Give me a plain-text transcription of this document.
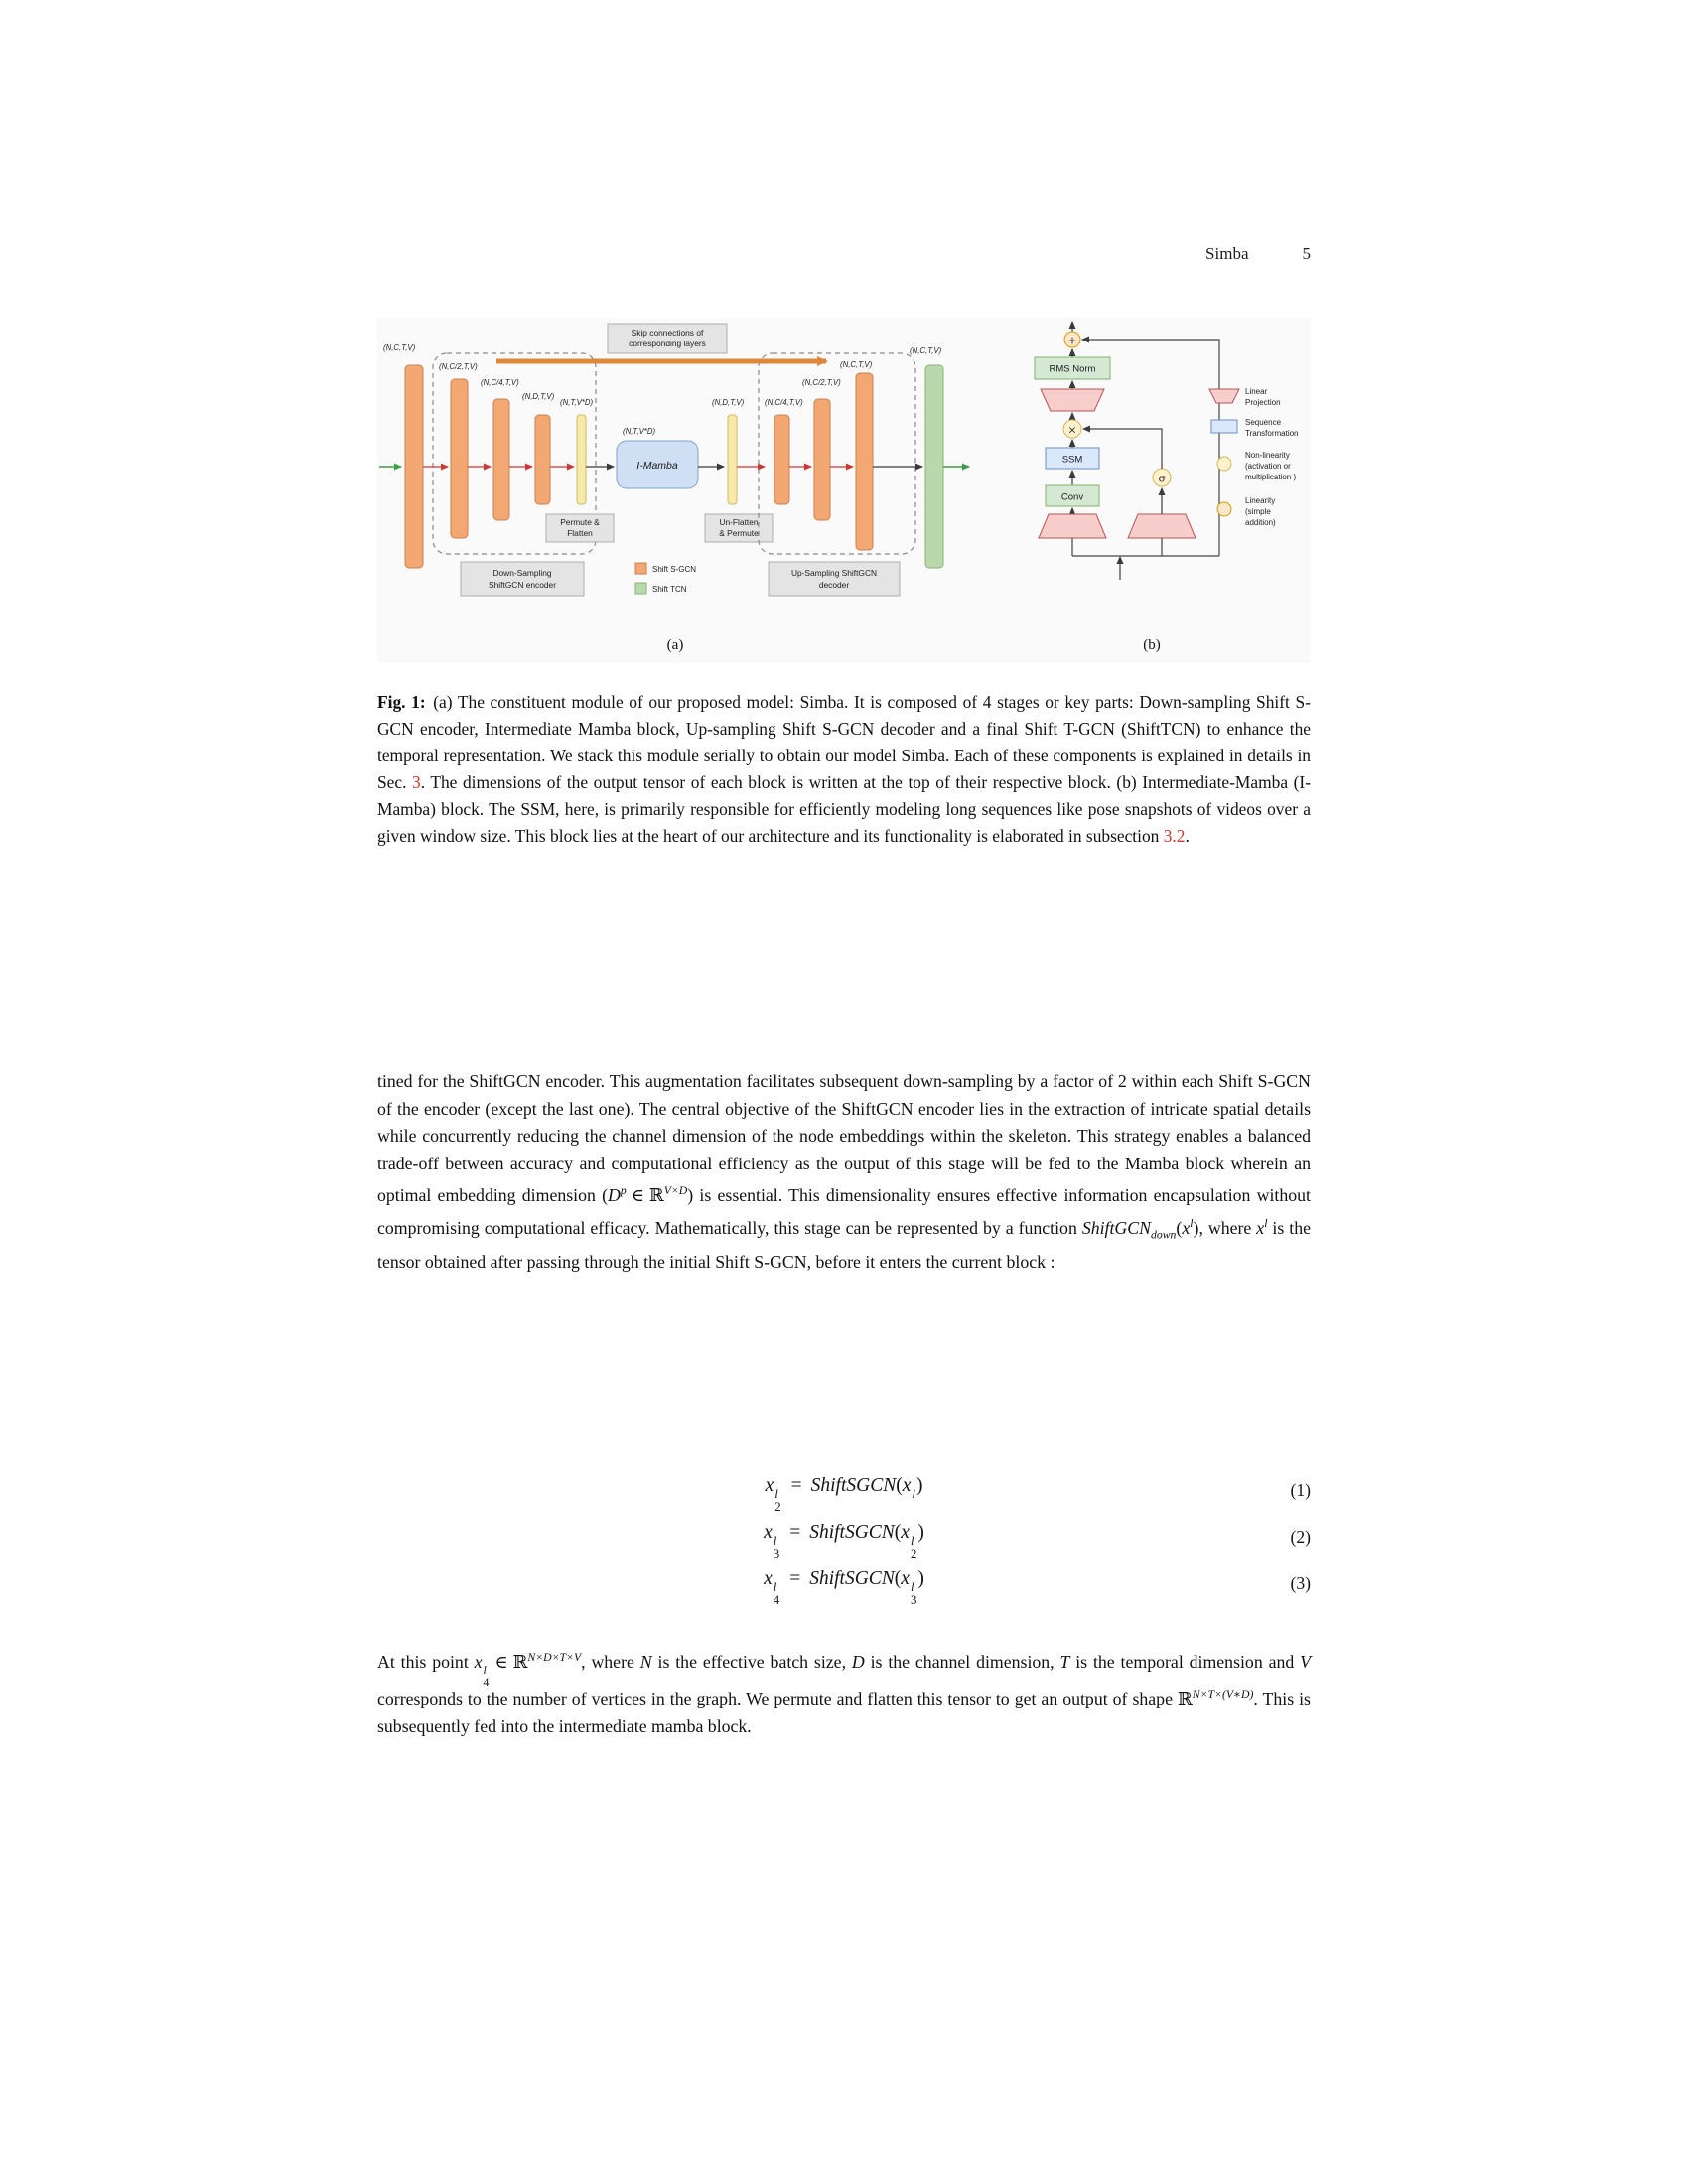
Simba	5
(N,C,T,V)
(N,C/2,T,V)
(N,C/4,T,V)
(N,D,T,V)
(N,T,V*D)
Permute &
Flatten
(N,T,V*D)
I-Mamba
(N,D,T,V)
Un-Flatten
& Permute
(N,C/4,T,V)
(N,C/2,T,V)
(N,C,T,V)
(N,C,T,V)
Skip connections of
corresponding layers
Down-Sampling
ShiftGCN encoder
Shift S-GCN
Shift TCN
Up-Sampling ShiftGCN
decoder
(a)
+
RMS Norm
×
SSM
Conv
σ
Linear
Projection
Sequence
Transformation
Non-linearity
(activation or
multiplication )
Linearity
(simple
addition)
(b)
Fig. 1: (a) The constituent module of our proposed model: Simba. It is composed of 4 stages or key parts: Down-sampling Shift S-GCN encoder, Intermediate Mamba block, Up-sampling Shift S-GCN decoder and a final Shift T-GCN (ShiftTCN) to enhance the temporal representation. We stack this module serially to obtain our model Simba. Each of these components is explained in details in Sec. 3. The dimensions of the output tensor of each block is written at the top of their respective block. (b) Intermediate-Mamba (I-Mamba) block. The SSM, here, is primarily responsible for efficiently modeling long sequences like pose snapshots of videos over a given window size. This block lies at the heart of our architecture and its functionality is elaborated in subsection 3.2.

tined for the ShiftGCN encoder. This augmentation facilitates subsequent down-sampling by a factor of 2 within each Shift S-GCN of the encoder (except the last one). The central objective of the ShiftGCN encoder lies in the extraction of intricate spatial details while concurrently reducing the channel dimension of the node embeddings within the skeleton. This strategy enables a balanced trade-off between accuracy and computational efficiency as the output of this stage will be fed to the Mamba block wherein an optimal embedding dimension ($D^p$ ∈ ℝ$^{V\times D}$) is essential. This dimensionality ensures effective information encapsulation without compromising computational efficacy. Mathematically, this stage can be represented by a function $ShiftGCN_{down}(x^l)$, where $x^l$ is the tensor obtained after passing through the initial Shift S-GCN, before it enters the current block :

x l
2
= ShiftSGCN(x l )	(1)
x l
3
= ShiftSGCN(x l
2
)	(2)
x l
4
= ShiftSGCN(x l
3
)	(3)

At this point x l
4
∈ ℝ$^{N\times D\times T\times V}$, where N is the effective batch size, D is the channel dimension, T is the temporal dimension and V corresponds to the number of vertices in the graph. We permute and flatten this tensor to get an output of shape ℝ$^{N\times T\times(V∗D)}$. This is subsequently fed into the intermediate mamba block.
